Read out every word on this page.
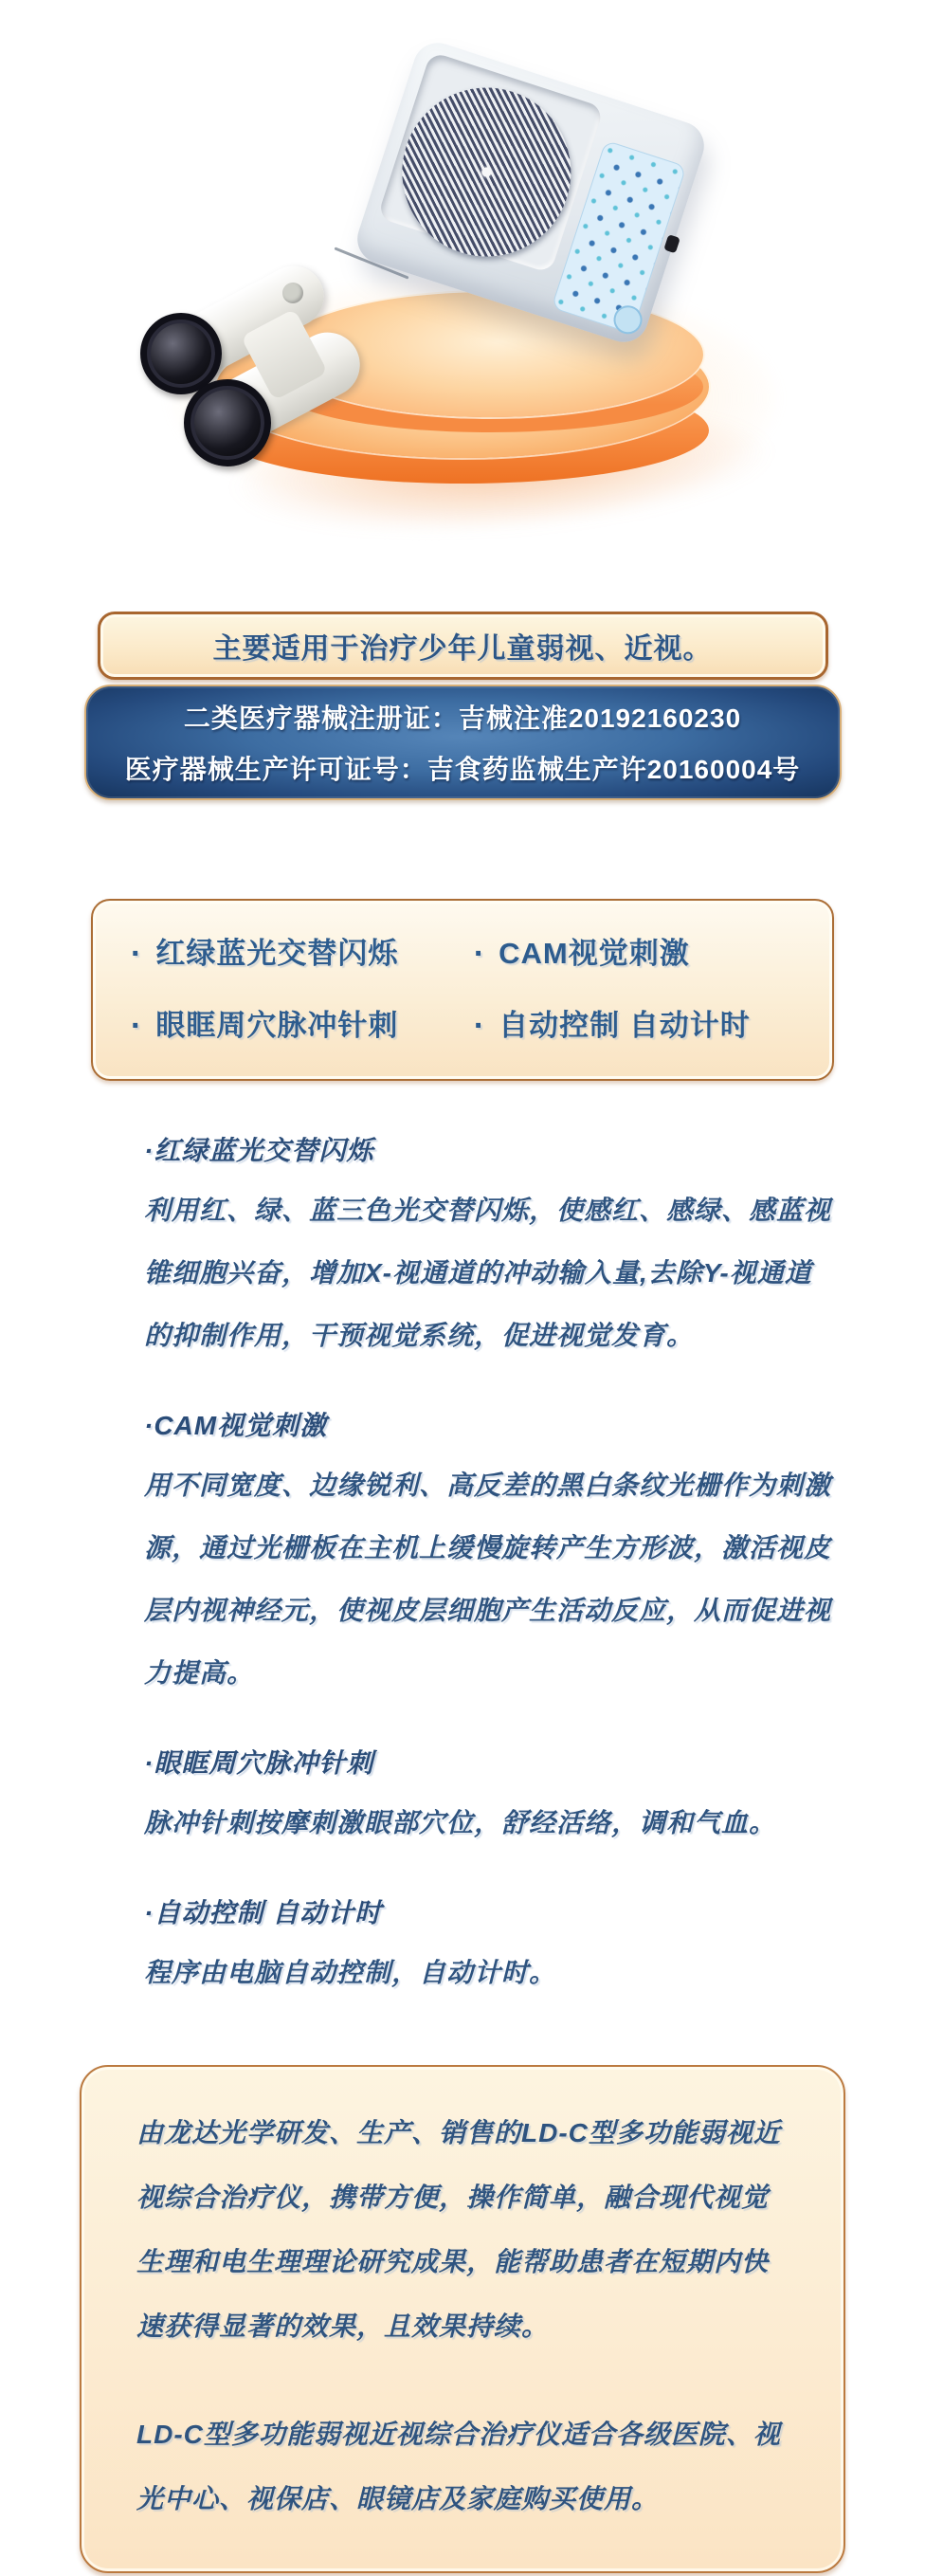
主要适用于治疗少年儿童弱视、近视。
二类医疗器械注册证：吉械注准20192160230
医疗器械生产许可证号：吉食药监械生产许20160004号
· 红绿蓝光交替闪烁 · CAM视觉刺激
· 眼眶周穴脉冲针刺 · 自动控制 自动计时

·红绿蓝光交替闪烁

利用红、绿、蓝三色光交替闪烁，使感红、感绿、感蓝视锥细胞兴奋，增加X-视通道的冲动输入量,去除Y-视通道的抑制作用，干预视觉系统，促进视觉发育。

·CAM视觉刺激

用不同宽度、边缘锐利、高反差的黑白条纹光栅作为刺激源，通过光栅板在主机上缓慢旋转产生方形波，激活视皮层内视神经元，使视皮层细胞产生活动反应，从而促进视力提高。

·眼眶周穴脉冲针刺

脉冲针刺按摩刺激眼部穴位，舒经活络，调和气血。

·自动控制 自动计时

程序由电脑自动控制，自动计时。

由龙达光学研发、生产、销售的LD-C型多功能弱视近视综合治疗仪，携带方便，操作简单，融合现代视觉生理和电生理理论研究成果，能帮助患者在短期内快速获得显著的效果，且效果持续。

LD-C型多功能弱视近视综合治疗仪适合各级医院、视光中心、视保店、眼镜店及家庭购买使用。
